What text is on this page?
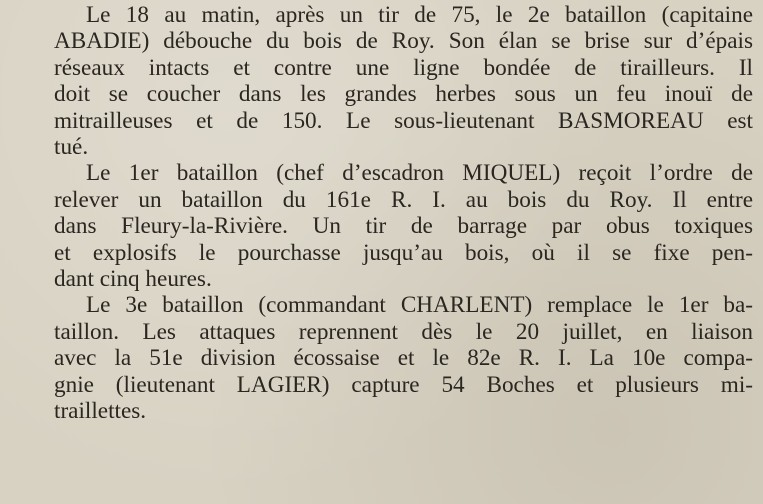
Le 18 au matin, après un tir de 75, le 2e bataillon (capitaine
ABADIE) débouche du bois de Roy. Son élan se brise sur d’épais
réseaux intacts et contre une ligne bondée de tirailleurs. Il
doit se coucher dans les grandes herbes sous un feu inouï de
mitrailleuses et de 150. Le sous-lieutenant BASMOREAU est
tué.
Le 1er bataillon (chef d’escadron MIQUEL) reçoit l’ordre de
relever un bataillon du 161e R. I. au bois du Roy. Il entre
dans Fleury-la-Rivière. Un tir de barrage par obus toxiques
et explosifs le pourchasse jusqu’au bois, où il se fixe pen-
dant cinq heures.
Le 3e bataillon (commandant CHARLENT) remplace le 1er ba-
taillon. Les attaques reprennent dès le 20 juillet, en liaison
avec la 51e division écossaise et le 82e R. I. La 10e compa-
gnie (lieutenant LAGIER) capture 54 Boches et plusieurs mi-
traillettes.
